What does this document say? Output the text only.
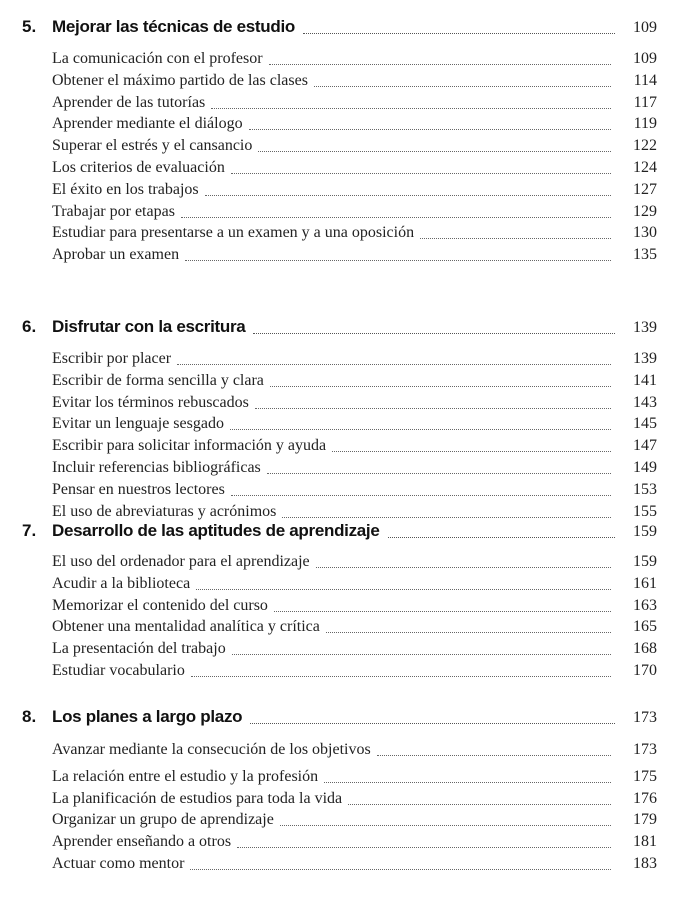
5. Mejorar las técnicas de estudio	109
La comunicación con el profesor	109
Obtener el máximo partido de las clases	114
Aprender de las tutorías	117
Aprender mediante el diálogo	119
Superar el estrés y el cansancio	122
Los criterios de evaluación	124
El éxito en los trabajos	127
Trabajar por etapas	129
Estudiar para presentarse a un examen y a una oposición	130
Aprobar un examen	135
6. Disfrutar con la escritura	139
Escribir por placer	139
Escribir de forma sencilla y clara	141
Evitar los términos rebuscados	143
Evitar un lenguaje sesgado	145
Escribir para solicitar información y ayuda	147
Incluir referencias bibliográficas	149
Pensar en nuestros lectores	153
El uso de abreviaturas y acrónimos	155
7. Desarrollo de las aptitudes de aprendizaje	159
El uso del ordenador para el aprendizaje	159
Acudir a la biblioteca	161
Memorizar el contenido del curso	163
Obtener una mentalidad analítica y crítica	165
La presentación del trabajo	168
Estudiar vocabulario	170
8. Los planes a largo plazo	173
Avanzar mediante la consecución de los objetivos	173
La relación entre el estudio y la profesión	175
La planificación de estudios para toda la vida	176
Organizar un grupo de aprendizaje	179
Aprender enseñando a otros	181
Actuar como mentor	183
